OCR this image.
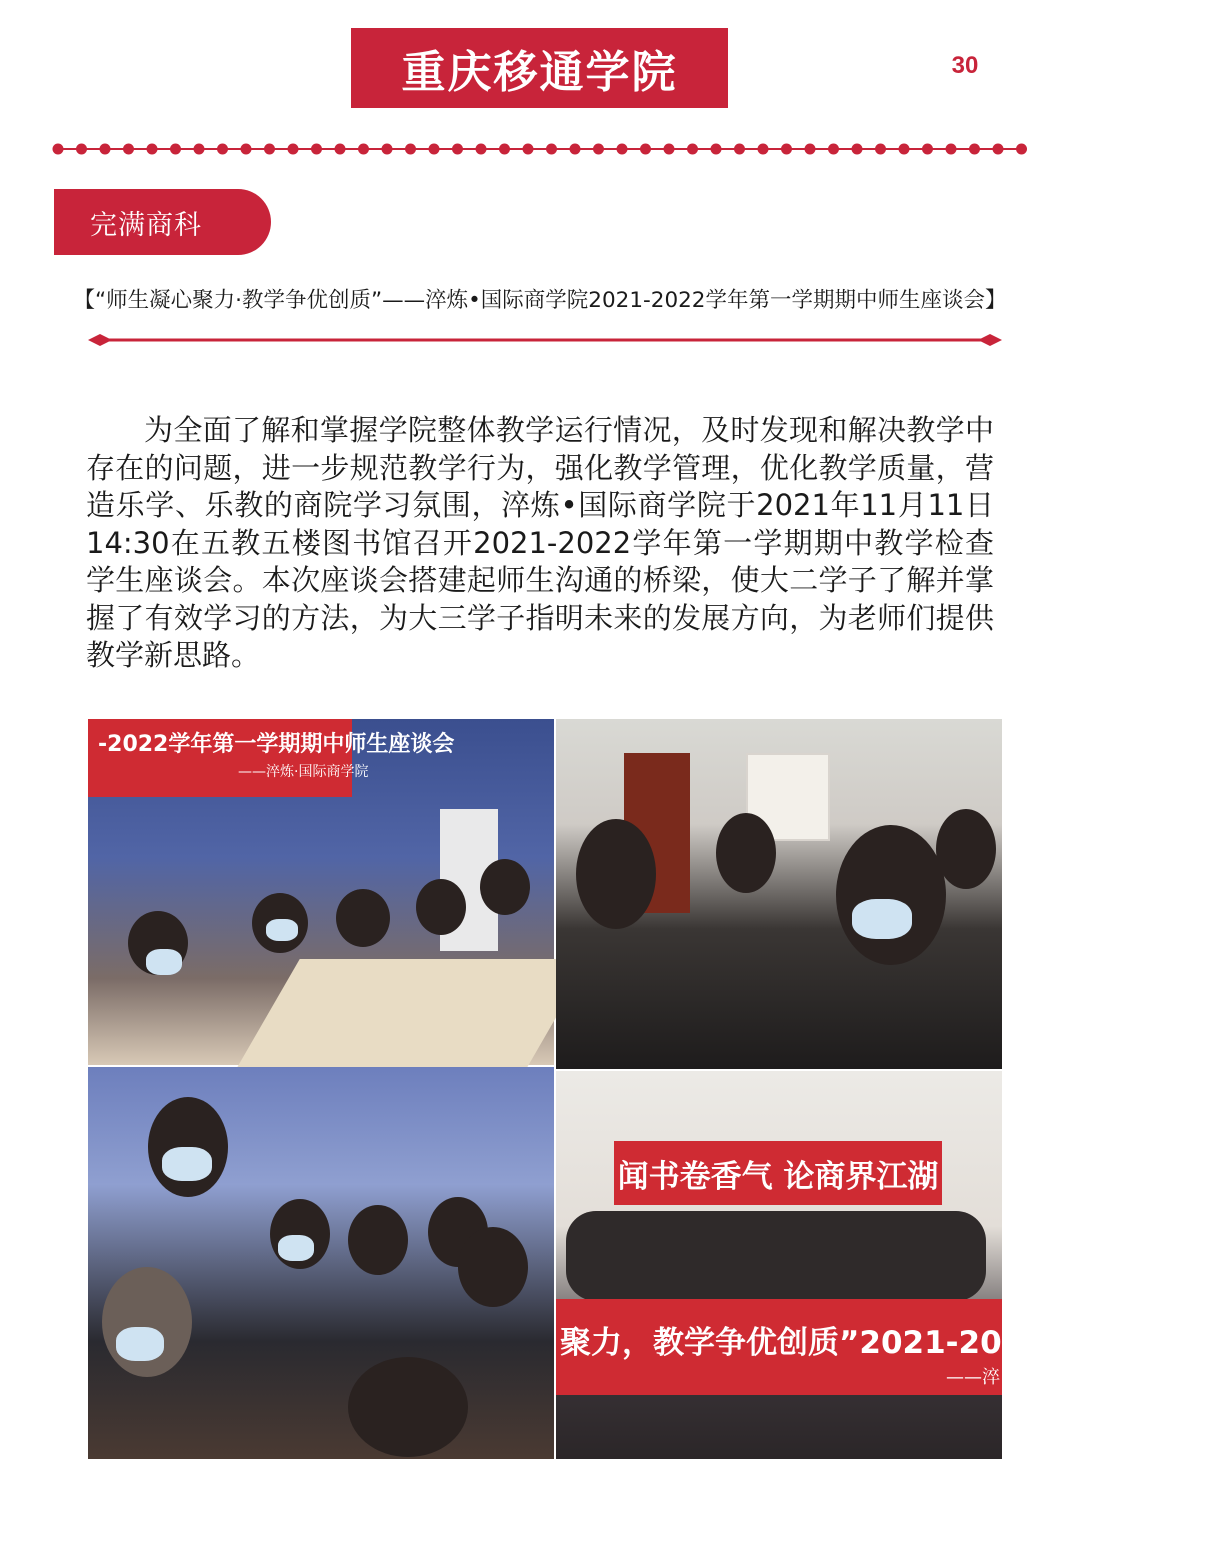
重庆移通学院	30
完满商科
【“师生凝心聚力·教学争优创质”——淬炼•国际商学院2021-2022学年第一学期期中师生座谈会】
为全面了解和掌握学院整体教学运行情况，及时发现和解决教学中存在的问题，进一步规范教学行为，强化教学管理，优化教学质量，营造乐学、乐教的商院学习氛围，淬炼•国际商学院于2021年11月11日14:30在五教五楼图书馆召开2021-2022学年第一学期期中教学检查学生座谈会。本次座谈会搭建起师生沟通的桥梁，使大二学子了解并掌握了有效学习的方法，为大三学子指明未来的发展方向，为老师们提供教学新思路。
-2022学年第一学期期中师生座谈会
——淬炼·国际商学院
闻书卷香气 论商界江湖
聚力，教学争优创质”2021-2022学年第一学期
——淬
